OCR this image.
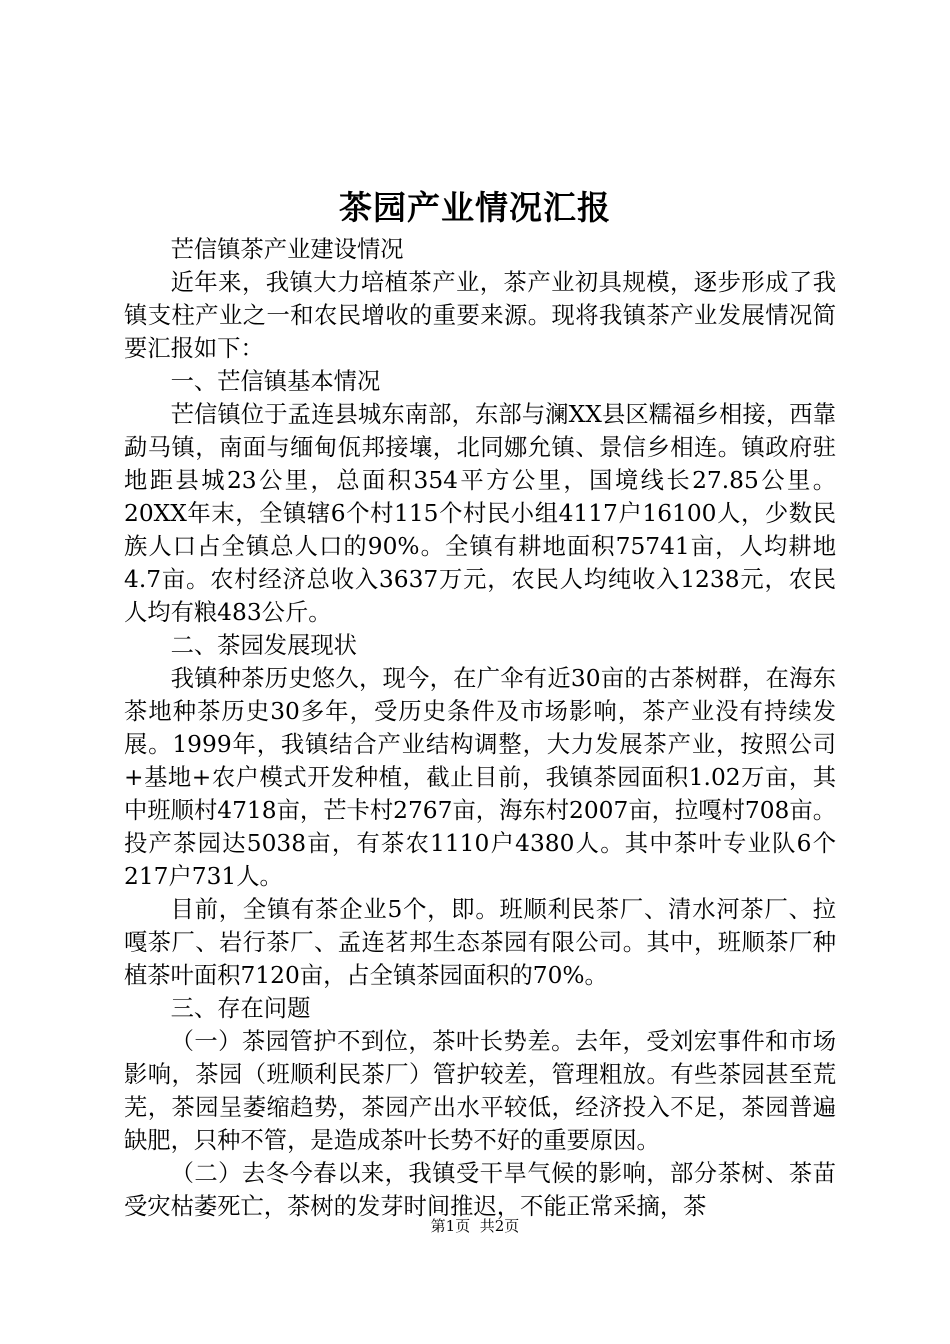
茶园产业情况汇报

芒信镇茶产业建设情况

近年来，我镇大力培植茶产业，茶产业初具规模，逐步形成了我镇支柱产业之一和农民增收的重要来源。现将我镇茶产业发展情况简要汇报如下：

一、芒信镇基本情况

芒信镇位于孟连县城东南部，东部与澜XX县区糯福乡相接，西靠勐马镇，南面与缅甸佤邦接壤，北同娜允镇、景信乡相连。镇政府驻地距县城23公里，总面积354平方公里，国境线长27.85公里。20XX年末，全镇辖6个村115个村民小组4117户16100人，少数民族人口占全镇总人口的90%。全镇有耕地面积75741亩，人均耕地4.7亩。农村经济总收入3637万元，农民人均纯收入1238元，农民人均有粮483公斤。

二、茶园发展现状

我镇种茶历史悠久，现今，在广伞有近30亩的古茶树群，在海东茶地种茶历史30多年，受历史条件及市场影响，茶产业没有持续发展。1999年，我镇结合产业结构调整，大力发展茶产业，按照公司+基地+农户模式开发种植，截止目前，我镇茶园面积1.02万亩，其中班顺村4718亩，芒卡村2767亩，海东村2007亩，拉嘎村708亩。投产茶园达5038亩，有茶农1110户4380人。其中茶叶专业队6个217户731人。

目前，全镇有茶企业5个，即。班顺利民茶厂、清水河茶厂、拉嘎茶厂、岩行茶厂、孟连茗邦生态茶园有限公司。其中，班顺茶厂种植茶叶面积7120亩，占全镇茶园面积的70%。

三、存在问题

（一）茶园管护不到位，茶叶长势差。去年，受刘宏事件和市场影响，茶园（班顺利民茶厂）管护较差，管理粗放。有些茶园甚至荒芜，茶园呈萎缩趋势，茶园产出水平较低，经济投入不足，茶园普遍缺肥，只种不管，是造成茶叶长势不好的重要原因。

（二）去冬今春以来，我镇受干旱气候的影响，部分茶树、茶苗受灾枯萎死亡，茶树的发芽时间推迟，不能正常采摘，茶

第1页 共2页
